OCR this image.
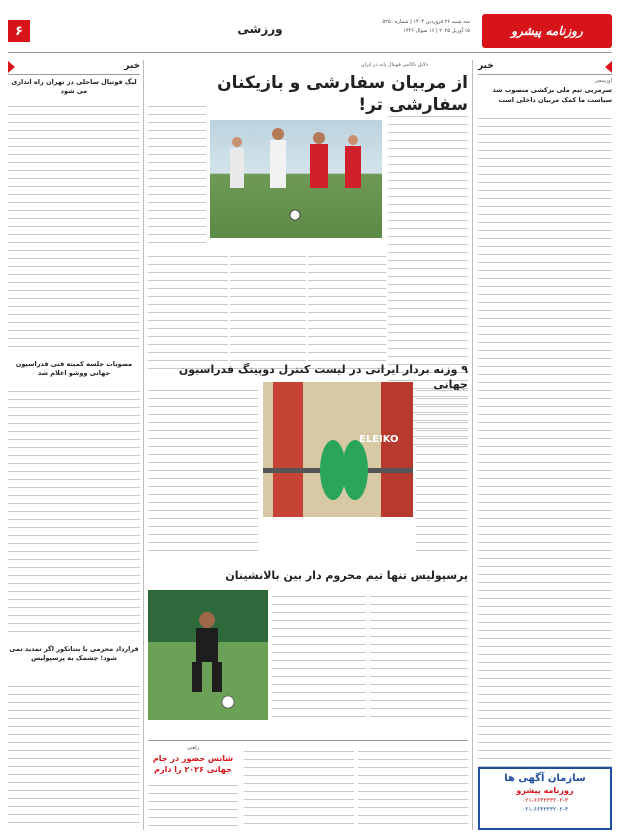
۶	ورزشی	سه شنبه ۲۶ فروردین ۱۴۰۴ | شماره ۵۲۵۰
۱۵ آوریل ۲۰۲۵ | ۱۶ شوال ۱۴۴۶	روزنامه پیشرو
خبر
لیگ فوتبال ساحلی در تهران راه اندازی می شود
مصوبات جلسه کمیته فنی فدراسیون جهانی ووشو اعلام شد
قرارداد محرمی با بنتانکور اگر تمدید نمی شود؛ چشمک به پرسپولیس
خبر
اورسچی
سرمربی تیم ملی بزکشی منصوب شد
سیاست ما کمک مربیان داخلی است
سازمان آگهی ها
روزنامه پیشرو
۰۲۱-۶۶۴۳۳۳۲۰۲-۳
۰۲۱-۶۶۴۳۳۳۲۰۲-۳
دلایل ناکامی فوتبال پایه در ایران
از مربیان سفارشی و بازیکنان سفارشی تر!
۹ وزنه بردار ایرانی در لیست کنترل دوپینگ فدراسیون جهانی
ELEIKO
پرسپولیس تنها تیم محروم دار بین بالانشینان
راهنی
شانس حضور در جام جهانی ۲۰۲۶ را دارم
